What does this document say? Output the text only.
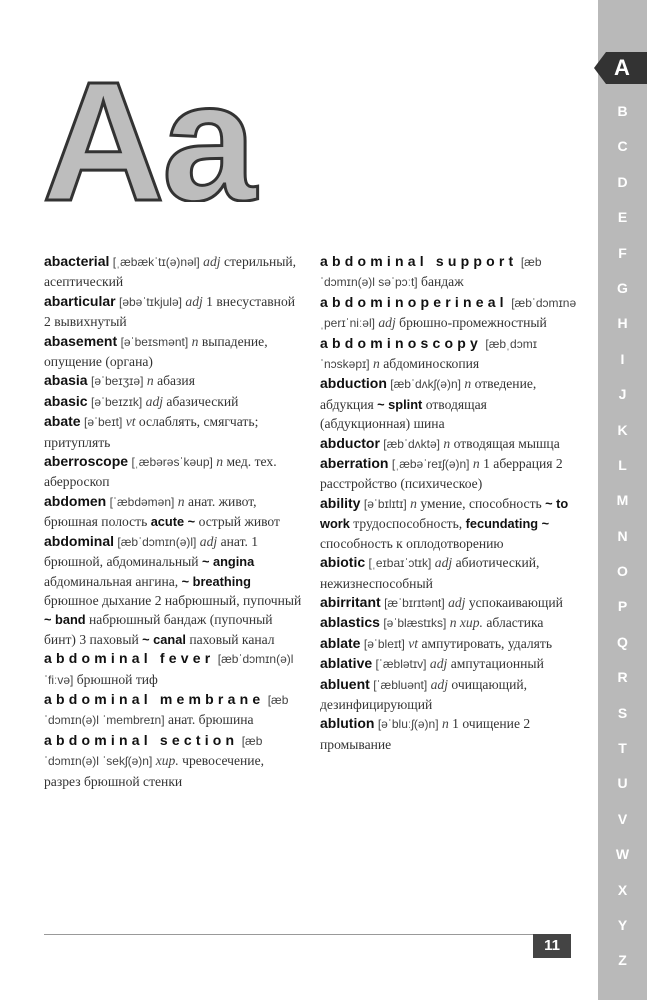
A
a

abacterial [ˌæbækˈtɪ(ə)nəl] adj стерильный, асептический

abarticular [əbəˈtɪkjulə] adj 1 внесуставной 2 вывихнутый

abasement [əˈbeɪsmənt] n выпадение, опущение (органа)

abasia [əˈbeɪʒɪə] n абазия

abasic [əˈbeɪzɪk] adj абазический

abate [əˈbeɪt] vt ослаблять, смягчать; притуплять

aberroscope [ˌæbərəsˈkəup] n мед. тех. аберроскоп

abdomen [ˈæbdəmən] n анат. живот, брюшная полость acute ~ острый живот

abdominal [æbˈdɔmɪn(ə)l] adj анат. 1 брюшной, абдоминальный ~ angina абдоминальная ангина, ~ breathing брюшное дыхание 2 набрюшный, пупочный ~ band набрюшный бандаж (пупочный бинт) 3 паховый ~ canal паховый канал

abdominal fever [æbˈdɔmɪn(ə)l ˈfiːvə] брюшной тиф

abdominal membrane [æbˈdɔmɪn(ə)l ˈmembreɪn] анат. брюшина

abdominal section [æbˈdɔmɪn(ə)l ˈsekʃ(ə)n] хир. чревосечение, разрез брюшной стенки

abdominal support [æbˈdɔmɪn(ə)l səˈpɔːt] бандаж

abdominoperineal [æbˈdɔmɪnəˌperɪˈniːəl] adj брюшно-промежностный

abdominoscopy [æbˌdɔmɪˈnɔskəpɪ] n абдоминоскопия

abduction [æbˈdʌkʃ(ə)n] n отведение, абдукция ~ splint отводящая (абдукционная) шина

abductor [æbˈdʌktə] n отводящая мышца

aberration [ˌæbəˈreɪʃ(ə)n] n 1 аберрация 2 расстройство (психическое)

ability [əˈbɪlɪtɪ] n умение, способность ~ to work трудоспособность, fecundating ~ способность к оплодотворению

abiotic [ˌeɪbaɪˈɔtɪk] adj абиотический, нежизнеспособный

abirritant [æˈbɪrɪtənt] adj успокаивающий

ablastics [əˈblæstɪks] n хир. абластика

ablate [əˈbleɪt] vt ампутировать, удалять

ablative [ˈæblətɪv] adj ампутационный

abluent [ˈæbluənt] adj очищающий, дезинфицирующий

ablution [əˈbluːʃ(ə)n] n 1 очищение 2 промывание

11
A
B
C
D
E
F
G
H
I
J
K
L
M
N
O
P
Q
R
S
T
U
V
W
X
Y
Z
